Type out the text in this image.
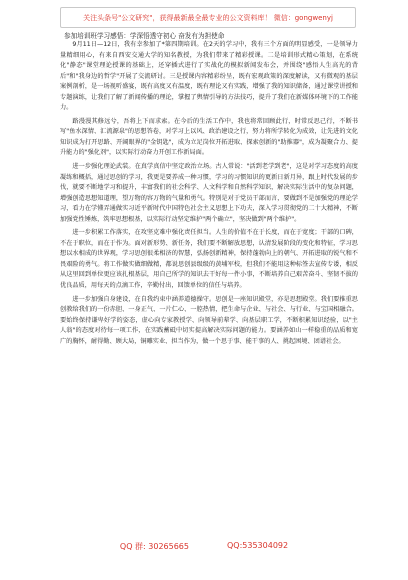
关注头条号"公文研究"，获得最新最全最专业的公文资料库！ 微信：gongwenyj
参加培训班学习感悟：学深悟透守初心 奋发有为担使命

9月11日—12日，我有幸参加了*第四期培训。在2天的学习中，我有三个方面的明显感受，一是领导力量精细用心，有来自西安交通大学的知名教授，为我们带来了精彩授课。二是培训形式精心策划，在系统化"静态"课堂理论授课的基础上，还穿插式进行了实战化的模拟新闻发布会，并围绕"感悟人生高光的背后"和"我身边的哲学"开展了交流研讨。三是授课内容精彩纷呈，既有宏观政策的深度解读，又有微观的基层案例剖析，是一场视听盛宴，既有高度又有温度，既有理论又有实践，增强了我的知识储备，通过课堂讲授和专题演练，让我们了解了新闻传播的理论，掌握了舆情引导的方法技巧，提升了我们在新媒体环境下的工作能力。

路漫漫其修远兮，吾将上下而求索。在今后的生活工作中，我也将常回顾此行，时常反思己行，不断书写"鱼水深情、汇流源泉"的思想答卷，对学习上以风、政治建设之行，努力将所学转化为成效，让先进的文化知识成为打开思路、开阔眼界的"金钥匙"，成为立足岗位开拓进取、探索创新的"助推器"，成为凝聚合力、提升能力的"强化剂"，以实际行动奋力开创工作新局面。

进一步强化理论武装。在真学真信中坚定政治立场。古人常说："活到老学到老"，这是对学习态度的高度凝练和概括，通过思创的学习，我更是要养成一种习惯，学习的习惯知识的更新日新月异，跟上时代发展的步伐，就要不断地学习和提升，丰富我们的社会科学、人文科学和自然科学知识，解决实际生活中的复杂问题，增强创造思想知道理，望万物的容万物的气量和勇气。特别是对于党员干部而言，要做到不是加强党的理论学习，看力在学懂弄通做实习近平新时代中国特色社会主义思想上下功夫，深入学习贯彻党的二十大精神，不断加强党性锤炼，筑牢思想根基，以实际行动坚定维护"两个确立"，坚决做到"两个维护"。

进一步积累工作落实，在攻坚克难中强化责任担当。人生的价值不在于长度，而在于宽度；干部的口碑，不在于职位，而在于作为。面对新形势、新任务，我们要不断解放思想，认清发展阶段的变化和特征，学习思想以水相成的世界观，学习思创很柔相济的智慧，弘扬创新精神，保持蓬勃向上的朝气、开拓进取的锐气和不畏艰险的勇气。将工作做实做细做精，都说思创县级级的黄埔军校，但我们不能用这种标签去宣传专诿，相反从这里回到单位更应该扎根基层，用自己所学的知识去干好每一件小事，不断培养自己艰苦奋斗、坚韧不拔的优良品质，用每天的点滴工作，辛勤付出，回馈单位的信任与培养。

进一步加强自身建设，在自我约束中涵养道德操守。思创是一座知识殿堂，亦是思想殿堂。我们要推重思创教给我们的一份赤胆、一身正气、一片仁心、一腔热情，把生命与企业、与社会、与行业、与宝国相融合。要始终保持谦卑好学的姿态，虚心向专家教授学、向领导前辈学、向基层职工学，不断积累知识经验，以"主人翁"的态度对待每一项工作，在实践蓄砥中切实提高解决实际问题的能力。要涵养如山一样稳重的品质和宽广的胸怀，耐得勤、顾大局，铜雕实业、担当作为，做一个思于事、能干事的人、挑起困境、团谱社会。

QQ 群: 30265665	QQ:535304092
